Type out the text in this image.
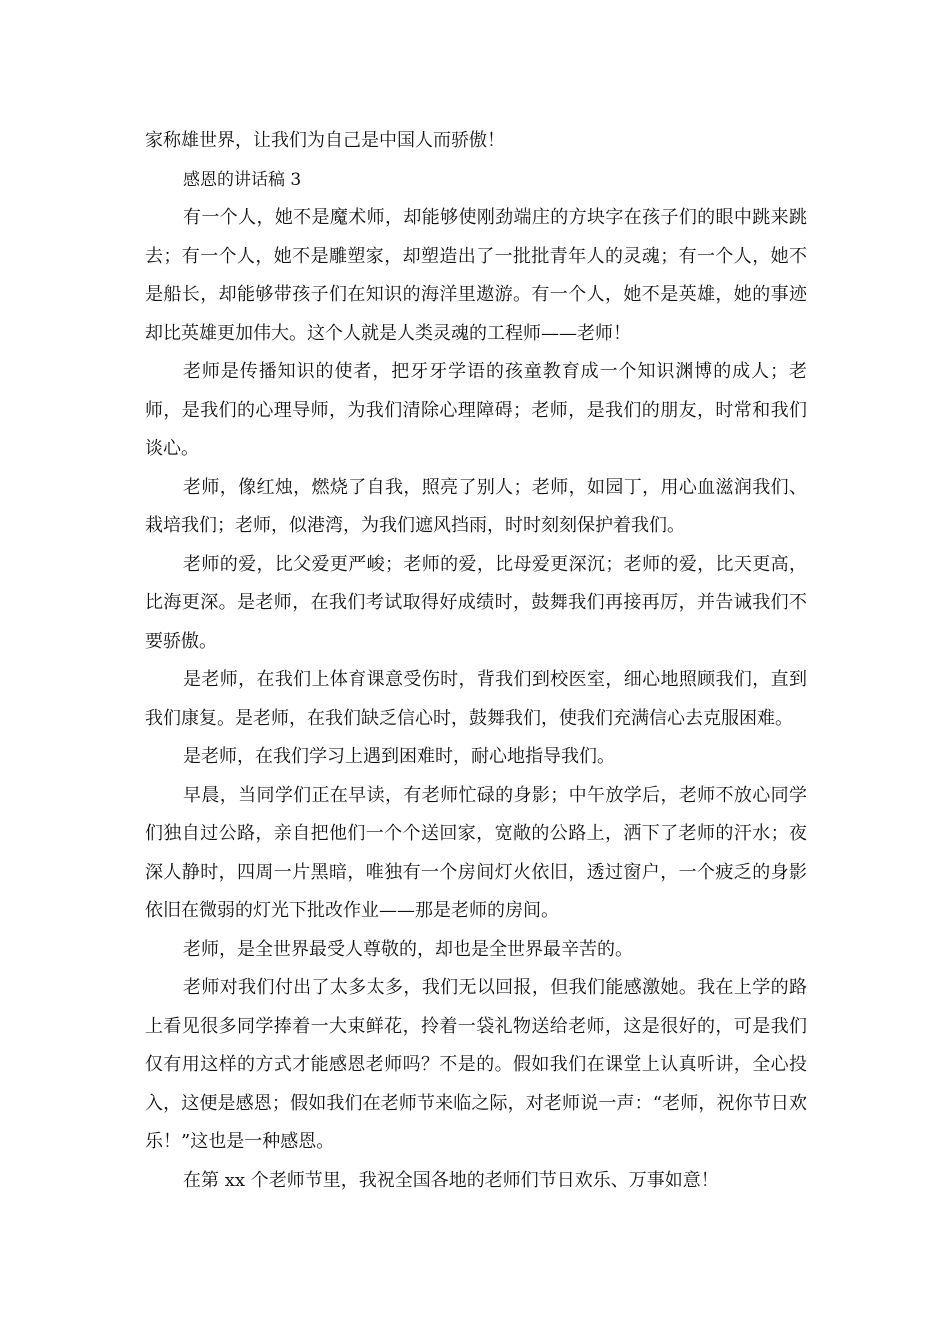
家称雄世界，让我们为自己是中国人而骄傲！

感恩的讲话稿 3

有一个人，她不是魔术师，却能够使刚劲端庄的方块字在孩子们的眼中跳来跳去；有一个人，她不是雕塑家，却塑造出了一批批青年人的灵魂；有一个人，她不是船长，却能够带孩子们在知识的海洋里遨游。有一个人，她不是英雄，她的事迹却比英雄更加伟大。这个人就是人类灵魂的工程师——老师！

老师是传播知识的使者，把牙牙学语的孩童教育成一个知识渊博的成人；老师，是我们的心理导师，为我们清除心理障碍；老师，是我们的朋友，时常和我们谈心。

老师，像红烛，燃烧了自我，照亮了别人；老师，如园丁，用心血滋润我们、栽培我们；老师，似港湾，为我们遮风挡雨，时时刻刻保护着我们。

老师的爱，比父爱更严峻；老师的爱，比母爱更深沉；老师的爱，比天更高，比海更深。是老师，在我们考试取得好成绩时，鼓舞我们再接再厉，并告诫我们不要骄傲。

是老师，在我们上体育课意受伤时，背我们到校医室，细心地照顾我们，直到我们康复。是老师，在我们缺乏信心时，鼓舞我们，使我们充满信心去克服困难。

是老师，在我们学习上遇到困难时，耐心地指导我们。

早晨，当同学们正在早读，有老师忙碌的身影；中午放学后，老师不放心同学们独自过公路，亲自把他们一个个送回家，宽敞的公路上，洒下了老师的汗水；夜深人静时，四周一片黑暗，唯独有一个房间灯火依旧，透过窗户，一个疲乏的身影依旧在微弱的灯光下批改作业——那是老师的房间。

老师，是全世界最受人尊敬的，却也是全世界最辛苦的。

老师对我们付出了太多太多，我们无以回报，但我们能感激她。我在上学的路上看见很多同学捧着一大束鲜花，拎着一袋礼物送给老师，这是很好的，可是我们仅有用这样的方式才能感恩老师吗？不是的。假如我们在课堂上认真听讲，全心投入，这便是感恩；假如我们在老师节来临之际，对老师说一声：“老师，祝你节日欢乐！”这也是一种感恩。

在第 xx 个老师节里，我祝全国各地的老师们节日欢乐、万事如意！
